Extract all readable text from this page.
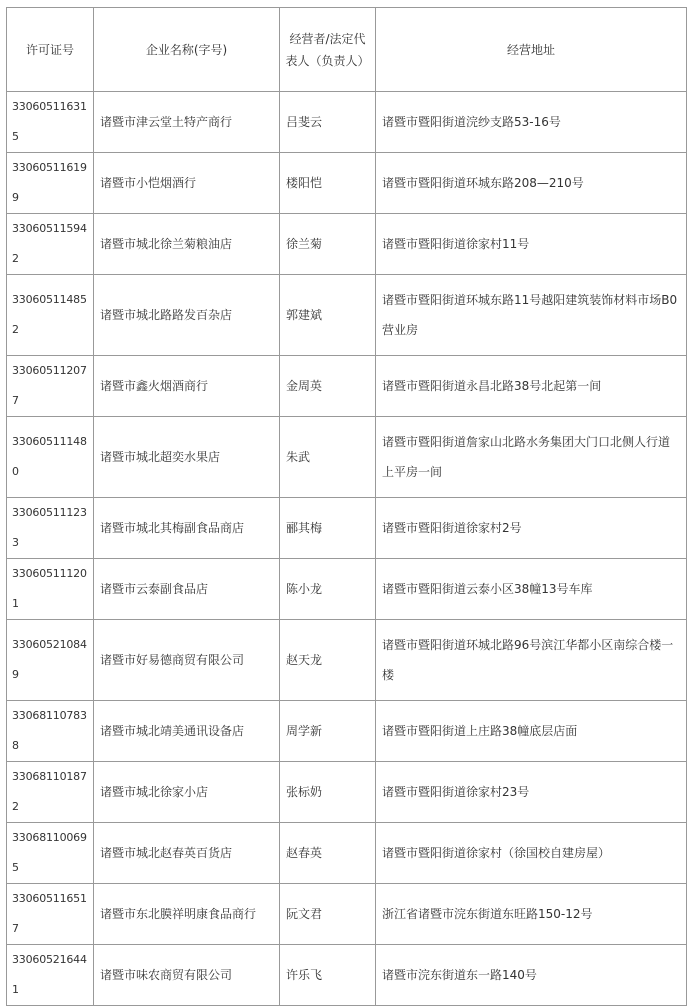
许可证号	企业名称(字号)	经营者/法定代表人（负责人）	经营地址
330605116315	诸暨市津云堂土特产商行	吕斐云	诸暨市暨阳街道浣纱支路53-16号
330605116199	诸暨市小恺烟酒行	楼阳恺	诸暨市暨阳街道环城东路208—210号
330605115942	诸暨市城北徐兰菊粮油店	徐兰菊	诸暨市暨阳街道徐家村11号
330605114852	诸暨市城北路路发百杂店	郭建斌	诸暨市暨阳街道环城东路11号越阳建筑装饰材料市场B0营业房
330605112077	诸暨市鑫火烟酒商行	金周英	诸暨市暨阳街道永昌北路38号北起第一间
330605111480	诸暨市城北超奕水果店	朱武	诸暨市暨阳街道詹家山北路水务集团大门口北侧人行道上平房一间
330605111233	诸暨市城北其梅副食品商店	郦其梅	诸暨市暨阳街道徐家村2号
330605111201	诸暨市云泰副食品店	陈小龙	诸暨市暨阳街道云泰小区38幢13号车库
330605210849	诸暨市好易德商贸有限公司	赵天龙	诸暨市暨阳街道环城北路96号滨江华都小区南综合楼一楼
330681107838	诸暨市城北靖美通讯设备店	周学新	诸暨市暨阳街道上庄路38幢底层店面
330681101872	诸暨市城北徐家小店	张标奶	诸暨市暨阳街道徐家村23号
330681100695	诸暨市城北赵春英百货店	赵春英	诸暨市暨阳街道徐家村（徐国校自建房屋）
330605116517	诸暨市东北膜祥明康食品商行	阮文君	浙江省诸暨市浣东街道东旺路150-12号
330605216441	诸暨市味农商贸有限公司	许乐飞	诸暨市浣东街道东一路140号
